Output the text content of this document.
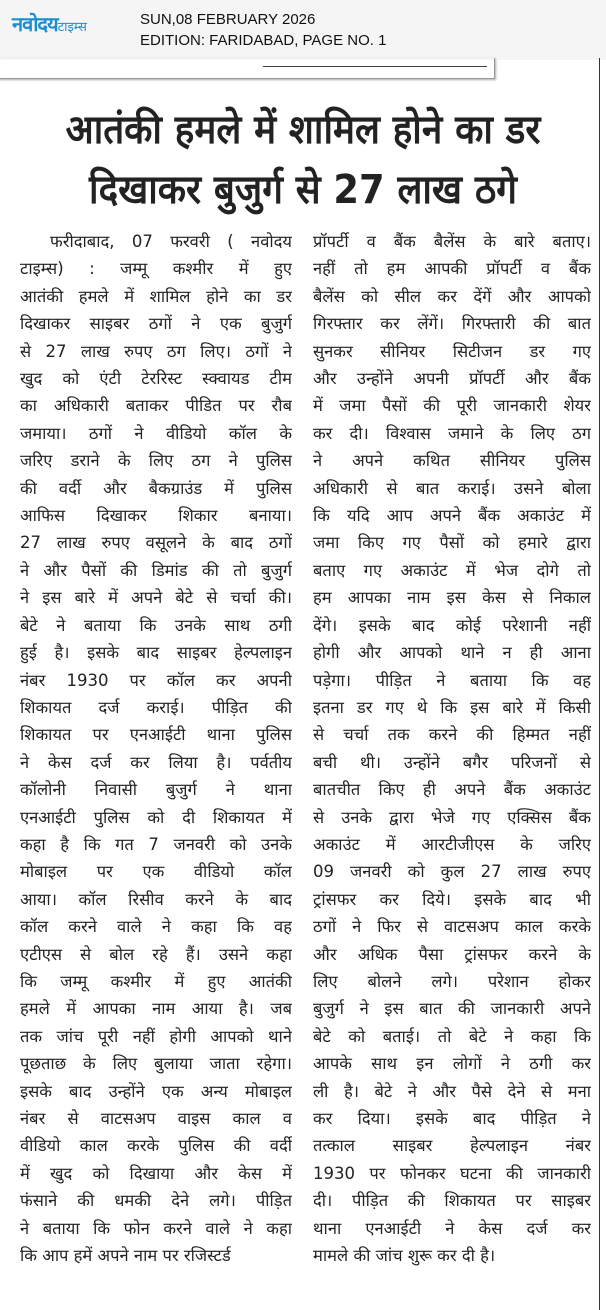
नवोदयटाइम्स	SUN,08 FEBRUARY 2026
EDITION: FARIDABAD, PAGE NO. 1
आतंकी हमले में शामिल होने का डर
दिखाकर बुजुर्ग से 27 लाख ठगे
फरीदाबाद, 07 फरवरी ( नवोदय
टाइम्स) : जम्मू कश्मीर में हुए
आतंकी हमले में शामिल होने का डर
दिखाकर साइबर ठगों ने एक बुजुर्ग
से 27 लाख रुपए ठग लिए। ठगों ने
खुद को एंटी टेररिस्ट स्क्वायड टीम
का अधिकारी बताकर पीडित पर रौब
जमाया। ठगों ने वीडियो कॉल के
जरिए डराने के लिए ठग ने पुलिस
की वर्दी और बैकग्राउंड में पुलिस
आफिस दिखाकर शिकार बनाया।
27 लाख रुपए वसूलने के बाद ठगों
ने और पैसों की डिमांड की तो बुजुर्ग
ने इस बारे में अपने बेटे से चर्चा की।
बेटे ने बताया कि उनके साथ ठगी
हुई है। इसके बाद साइबर हेल्पलाइन
नंबर 1930 पर कॉल कर अपनी
शिकायत दर्ज कराई। पीड़ित की
शिकायत पर एनआईटी थाना पुलिस
ने केस दर्ज कर लिया है। पर्वतीय
कॉलोनी निवासी बुजुर्ग ने थाना
एनआईटी पुलिस को दी शिकायत में
कहा है कि गत 7 जनवरी को उनके
मोबाइल पर एक वीडियो कॉल
आया। कॉल रिसीव करने के बाद
कॉल करने वाले ने कहा कि वह
एटीएस से बोल रहे हैं। उसने कहा
कि जम्मू कश्मीर में हुए आतंकी
हमले में आपका नाम आया है। जब
तक जांच पूरी नहीं होगी आपको थाने
पूछताछ के लिए बुलाया जाता रहेगा।
इसके बाद उन्होंने एक अन्य मोबाइल
नंबर से वाटसअप वाइस काल व
वीडियो काल करके पुलिस की वर्दी
में खुद को दिखाया और केस में
फंसाने की धमकी देने लगे। पीड़ित
ने बताया कि फोन करने वाले ने कहा
कि आप हमें अपने नाम पर रजिस्टर्ड
प्रॉपर्टी व बैंक बैलेंस के बारे बताए।
नहीं तो हम आपकी प्रॉपर्टी व बैंक
बैलेंस को सील कर देंगें और आपको
गिरफ्तार कर लेंगें। गिरफ्तारी की बात
सुनकर सीनियर सिटीजन डर गए
और उन्होंने अपनी प्रॉपर्टी और बैंक
में जमा पैसों की पूरी जानकारी शेयर
कर दी। विश्वास जमाने के लिए ठग
ने अपने कथित सीनियर पुलिस
अधिकारी से बात कराई। उसने बोला
कि यदि आप अपने बैंक अकाउंट में
जमा किए गए पैसों को हमारे द्वारा
बताए गए अकाउंट में भेज दोगे तो
हम आपका नाम इस केस से निकाल
देंगे। इसके बाद कोई परेशानी नहीं
होगी और आपको थाने न ही आना
पड़ेगा। पीड़ित ने बताया कि वह
इतना डर गए थे कि इस बारे में किसी
से चर्चा तक करने की हिम्मत नहीं
बची थी। उन्होंने बगैर परिजनों से
बातचीत किए ही अपने बैंक अकाउंट
से उनके द्वारा भेजे गए एक्सिस बैंक
अकाउंट में आरटीजीएस के जरिए
09 जनवरी को कुल 27 लाख रुपए
ट्रांसफर कर दिये। इसके बाद भी
ठगों ने फिर से वाटसअप काल करके
और अधिक पैसा ट्रांसफर करने के
लिए बोलने लगे। परेशान होकर
बुजुर्ग ने इस बात की जानकारी अपने
बेटे को बताई। तो बेटे ने कहा कि
आपके साथ इन लोगों ने ठगी कर
ली है। बेटे ने और पैसे देने से मना
कर दिया। इसके बाद पीड़ित ने
तत्काल साइबर हेल्पलाइन नंबर
1930 पर फोनकर घटना की जानकारी
दी। पीड़ित की शिकायत पर साइबर
थाना एनआईटी ने केस दर्ज कर
मामले की जांच शुरू कर दी है।
